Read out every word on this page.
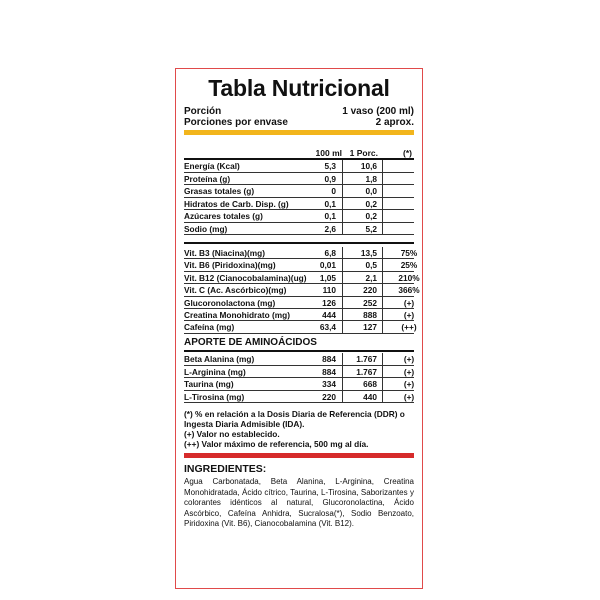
Tabla Nutricional
Porción	1 vaso (200 ml)
Porciones por envase	2 aprox.
100 ml 1 Porc.	(*)
Energía (Kcal)	5,3	10,6
Proteína (g)	0,9	1,8
Grasas totales (g)	0	0,0
Hidratos de Carb. Disp. (g)	0,1	0,2
Azúcares totales (g)	0,1	0,2
Sodio (mg)	2,6	5,2
Vit. B3 (Niacina)(mg)	6,8	13,5	75%
Vit. B6 (Piridoxina)(mg)	0,01	0,5	25%
Vit. B12 (Cianocobalamina)(ug) 1,05	2,1	210%
Vit. C (Ac. Ascórbico)(mg)	110	220	366%
Glucoronolactona (mg)	126	252	(+)
Creatina Monohidrato (mg)	444	888	(+)
Cafeína (mg)	63,4	127	(++)
APORTE DE AMINOÁCIDOS
Beta Alanina (mg)	884 1.767	(+)
L-Arginina (mg)	884 1.767	(+)
Taurina (mg)	334	668	(+)
L-Tirosina (mg)	220	440	(+)
(*) % en relación a la Dosis Diaria de Referencia (DDR) o
Ingesta Diaria Admisible (IDA).
(+) Valor no establecido.
(++) Valor máximo de referencia, 500 mg al día.
INGREDIENTES:
Agua Carbonatada, Beta Alanina, L-Arginina, Creatina Monohidratada, Ácido cítrico, Taurina, L-Tirosina, Saborizantes y colorantes idénticos al natural, Glucoronolactina, Ácido Ascórbico, Cafeína Anhidra, Sucralosa(*), Sodio Benzoato, Piridoxina (Vit. B6), Cianocobalamina (Vit. B12).
